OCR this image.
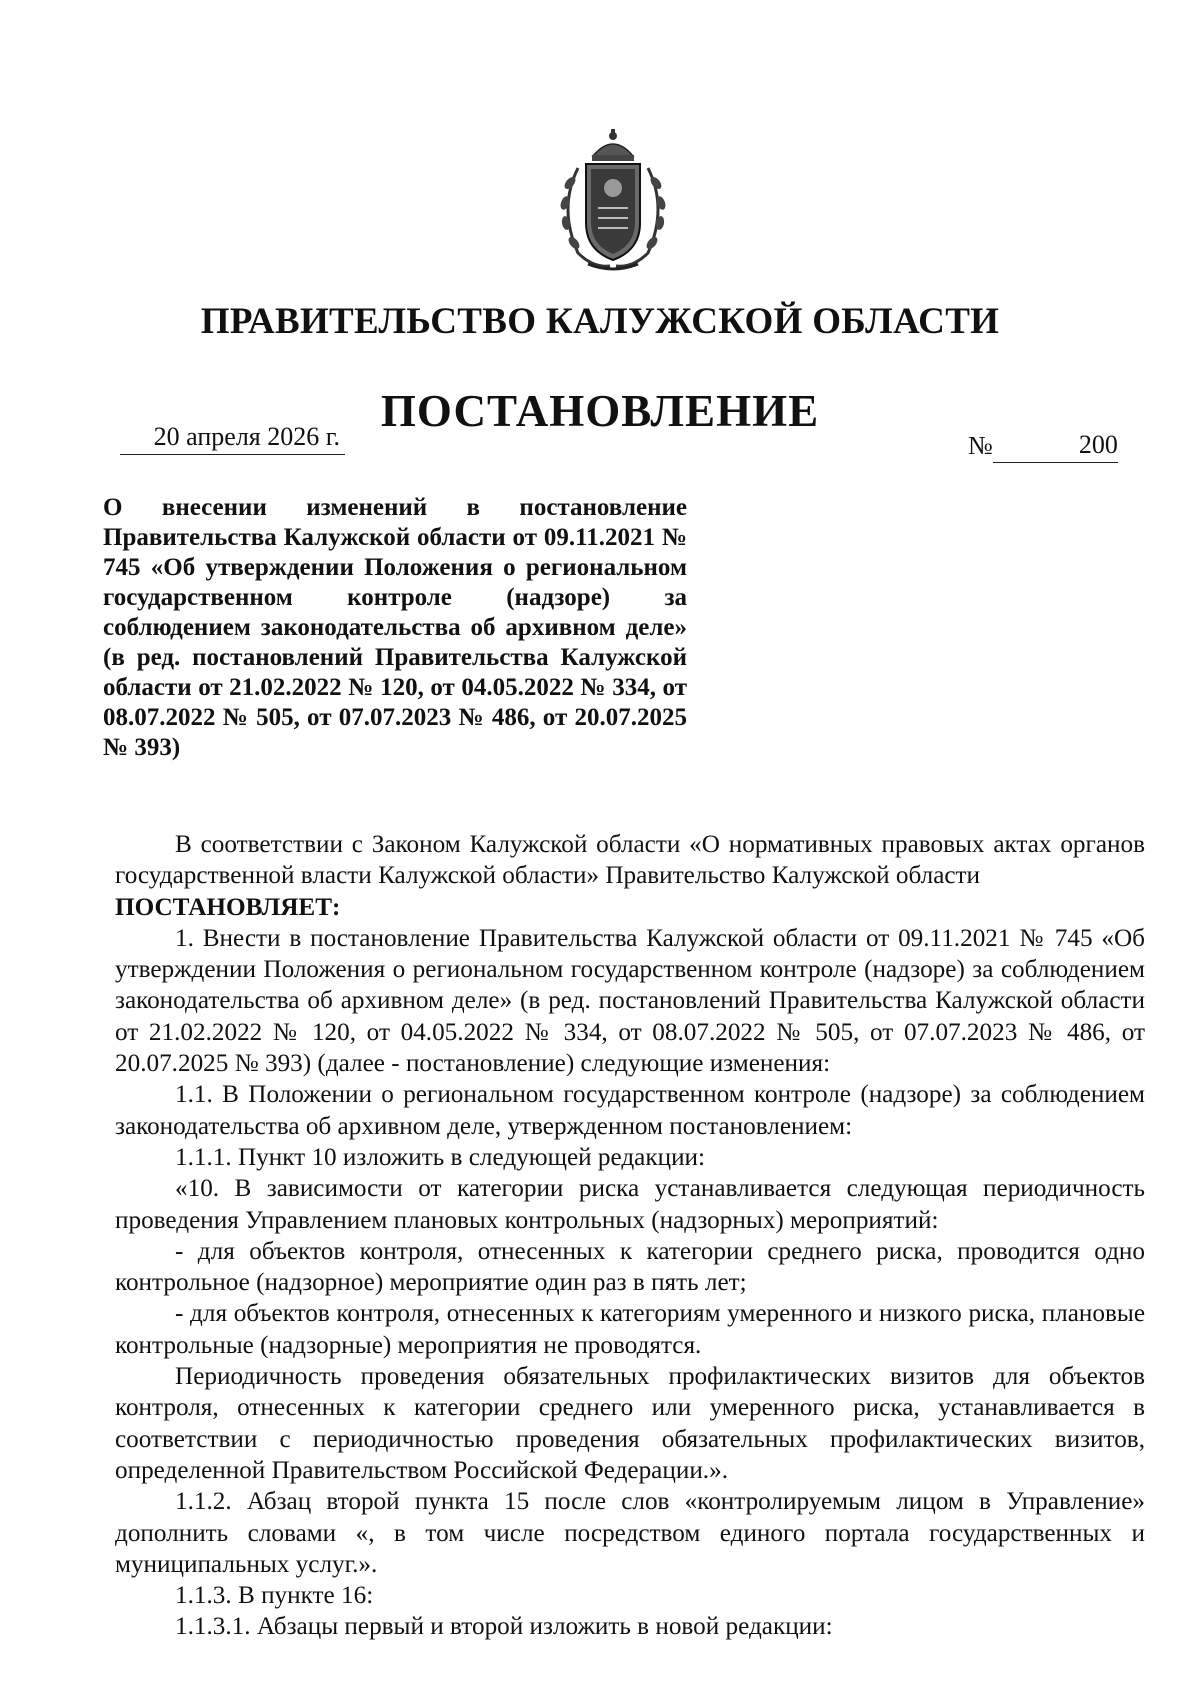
ПРАВИТЕЛЬСТВО КАЛУЖСКОЙ ОБЛАСТИ
ПОСТАНОВЛЕНИЕ
20 апреля 2026 г.	№	200
О внесении изменений в постановление Правительства Калужской области от 09.11.2021 № 745 «Об утверждении Положения о региональном государственном контроле (надзоре) за соблюдением законодательства об архивном деле» (в ред. постановлений Правительства Калужской области от 21.02.2022 № 120, от 04.05.2022 № 334, от 08.07.2022 № 505, от 07.07.2023 № 486, от 20.07.2025 № 393)

В соответствии с Законом Калужской области «О нормативных правовых актах органов государственной власти Калужской области» Правительство Калужской области

ПОСТАНОВЛЯЕТ:

1. Внести в постановление Правительства Калужской области от 09.11.2021 № 745 «Об утверждении Положения о региональном государственном контроле (надзоре) за соблюдением законодательства об архивном деле» (в ред. постановлений Правительства Калужской области от 21.02.2022 № 120, от 04.05.2022 № 334, от 08.07.2022 № 505, от 07.07.2023 № 486, от 20.07.2025 № 393) (далее - постановление) следующие изменения:

1.1. В Положении о региональном государственном контроле (надзоре) за соблюдением законодательства об архивном деле, утвержденном постановлением:

1.1.1. Пункт 10 изложить в следующей редакции:

«10. В зависимости от категории риска устанавливается следующая периодичность проведения Управлением плановых контрольных (надзорных) мероприятий:

- для объектов контроля, отнесенных к категории среднего риска, проводится одно контрольное (надзорное) мероприятие один раз в пять лет;

- для объектов контроля, отнесенных к категориям умеренного и низкого риска, плановые контрольные (надзорные) мероприятия не проводятся.

Периодичность проведения обязательных профилактических визитов для объектов контроля, отнесенных к категории среднего или умеренного риска, устанавливается в соответствии с периодичностью проведения обязательных профилактических визитов, определенной Правительством Российской Федерации.».

1.1.2. Абзац второй пункта 15 после слов «контролируемым лицом в Управление» дополнить словами «, в том числе посредством единого портала государственных и муниципальных услуг.».

1.1.3. В пункте 16:

1.1.3.1. Абзацы первый и второй изложить в новой редакции:
